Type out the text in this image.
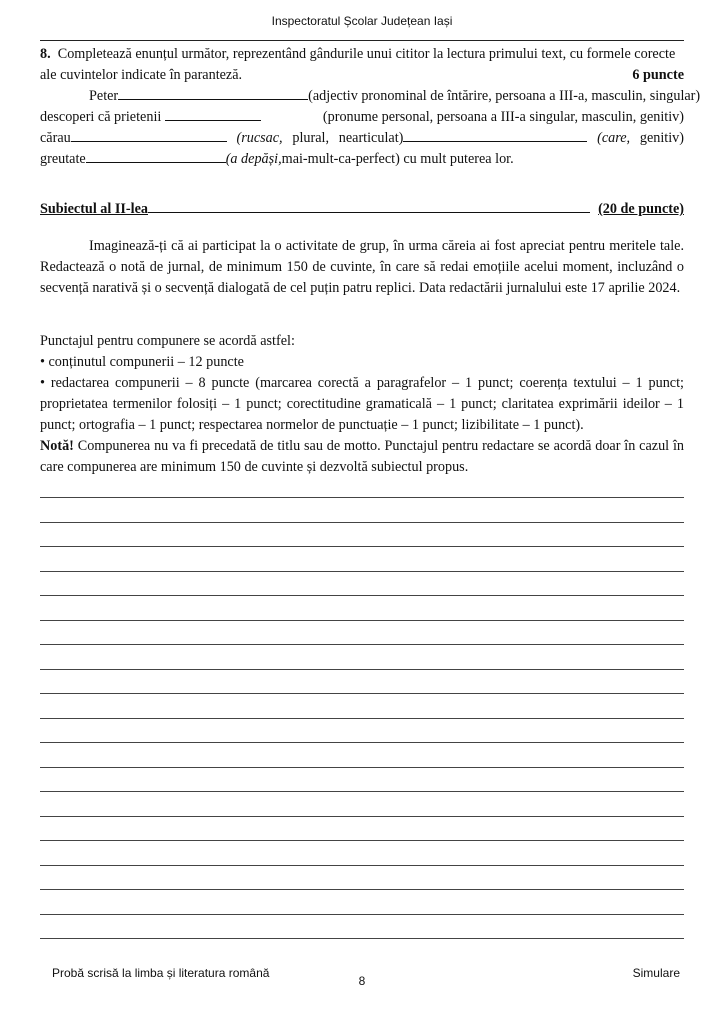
Inspectoratul Școlar Județean Iași
8.
Completează enunțul următor, reprezentând gândurile unui cititor la lectura primului text, cu formele corecte
ale cuvintelor indicate în paranteză.	6 puncte
Peter	(adjectiv pronominal de întărire, persoana a III-a, masculin, singular)
descoperi că prietenii	(pronume personal, persoana a III-a singular, masculin, genitiv)
cărau	(rucsac, plural, nearticulat)	(care, genitiv)
greutate	(a depăși, mai-mult-ca-perfect) cu mult puterea lor.
Subiectul al II-lea	(20 de puncte)
Imaginează-ți că ai participat la o activitate de grup, în urma căreia ai fost apreciat pentru meritele tale. Redactează o notă de jurnal, de minimum 150 de cuvinte, în care să redai emoțiile acelui moment, incluzând o secvență narativă și o secvență dialogată de cel puțin patru replici. Data redactării jurnalului este 17 aprilie 2024.

Punctajul pentru compunere se acordă astfel:

• conținutul compunerii – 12 puncte

• redactarea compunerii – 8 puncte (marcarea corectă a paragrafelor – 1 punct; coerența textului – 1 punct; proprietatea termenilor folosiți – 1 punct; corectitudine gramaticală – 1 punct; claritatea exprimării ideilor – 1 punct; ortografia – 1 punct; respectarea normelor de punctuație – 1 punct; lizibilitate – 1 punct).

Notă! Compunerea nu va fi precedată de titlu sau de motto. Punctajul pentru redactare se acordă doar în cazul în care compunerea are minimum 150 de cuvinte și dezvoltă subiectul propus.

Probă scrisă la limba și literatura română
8
Simulare
